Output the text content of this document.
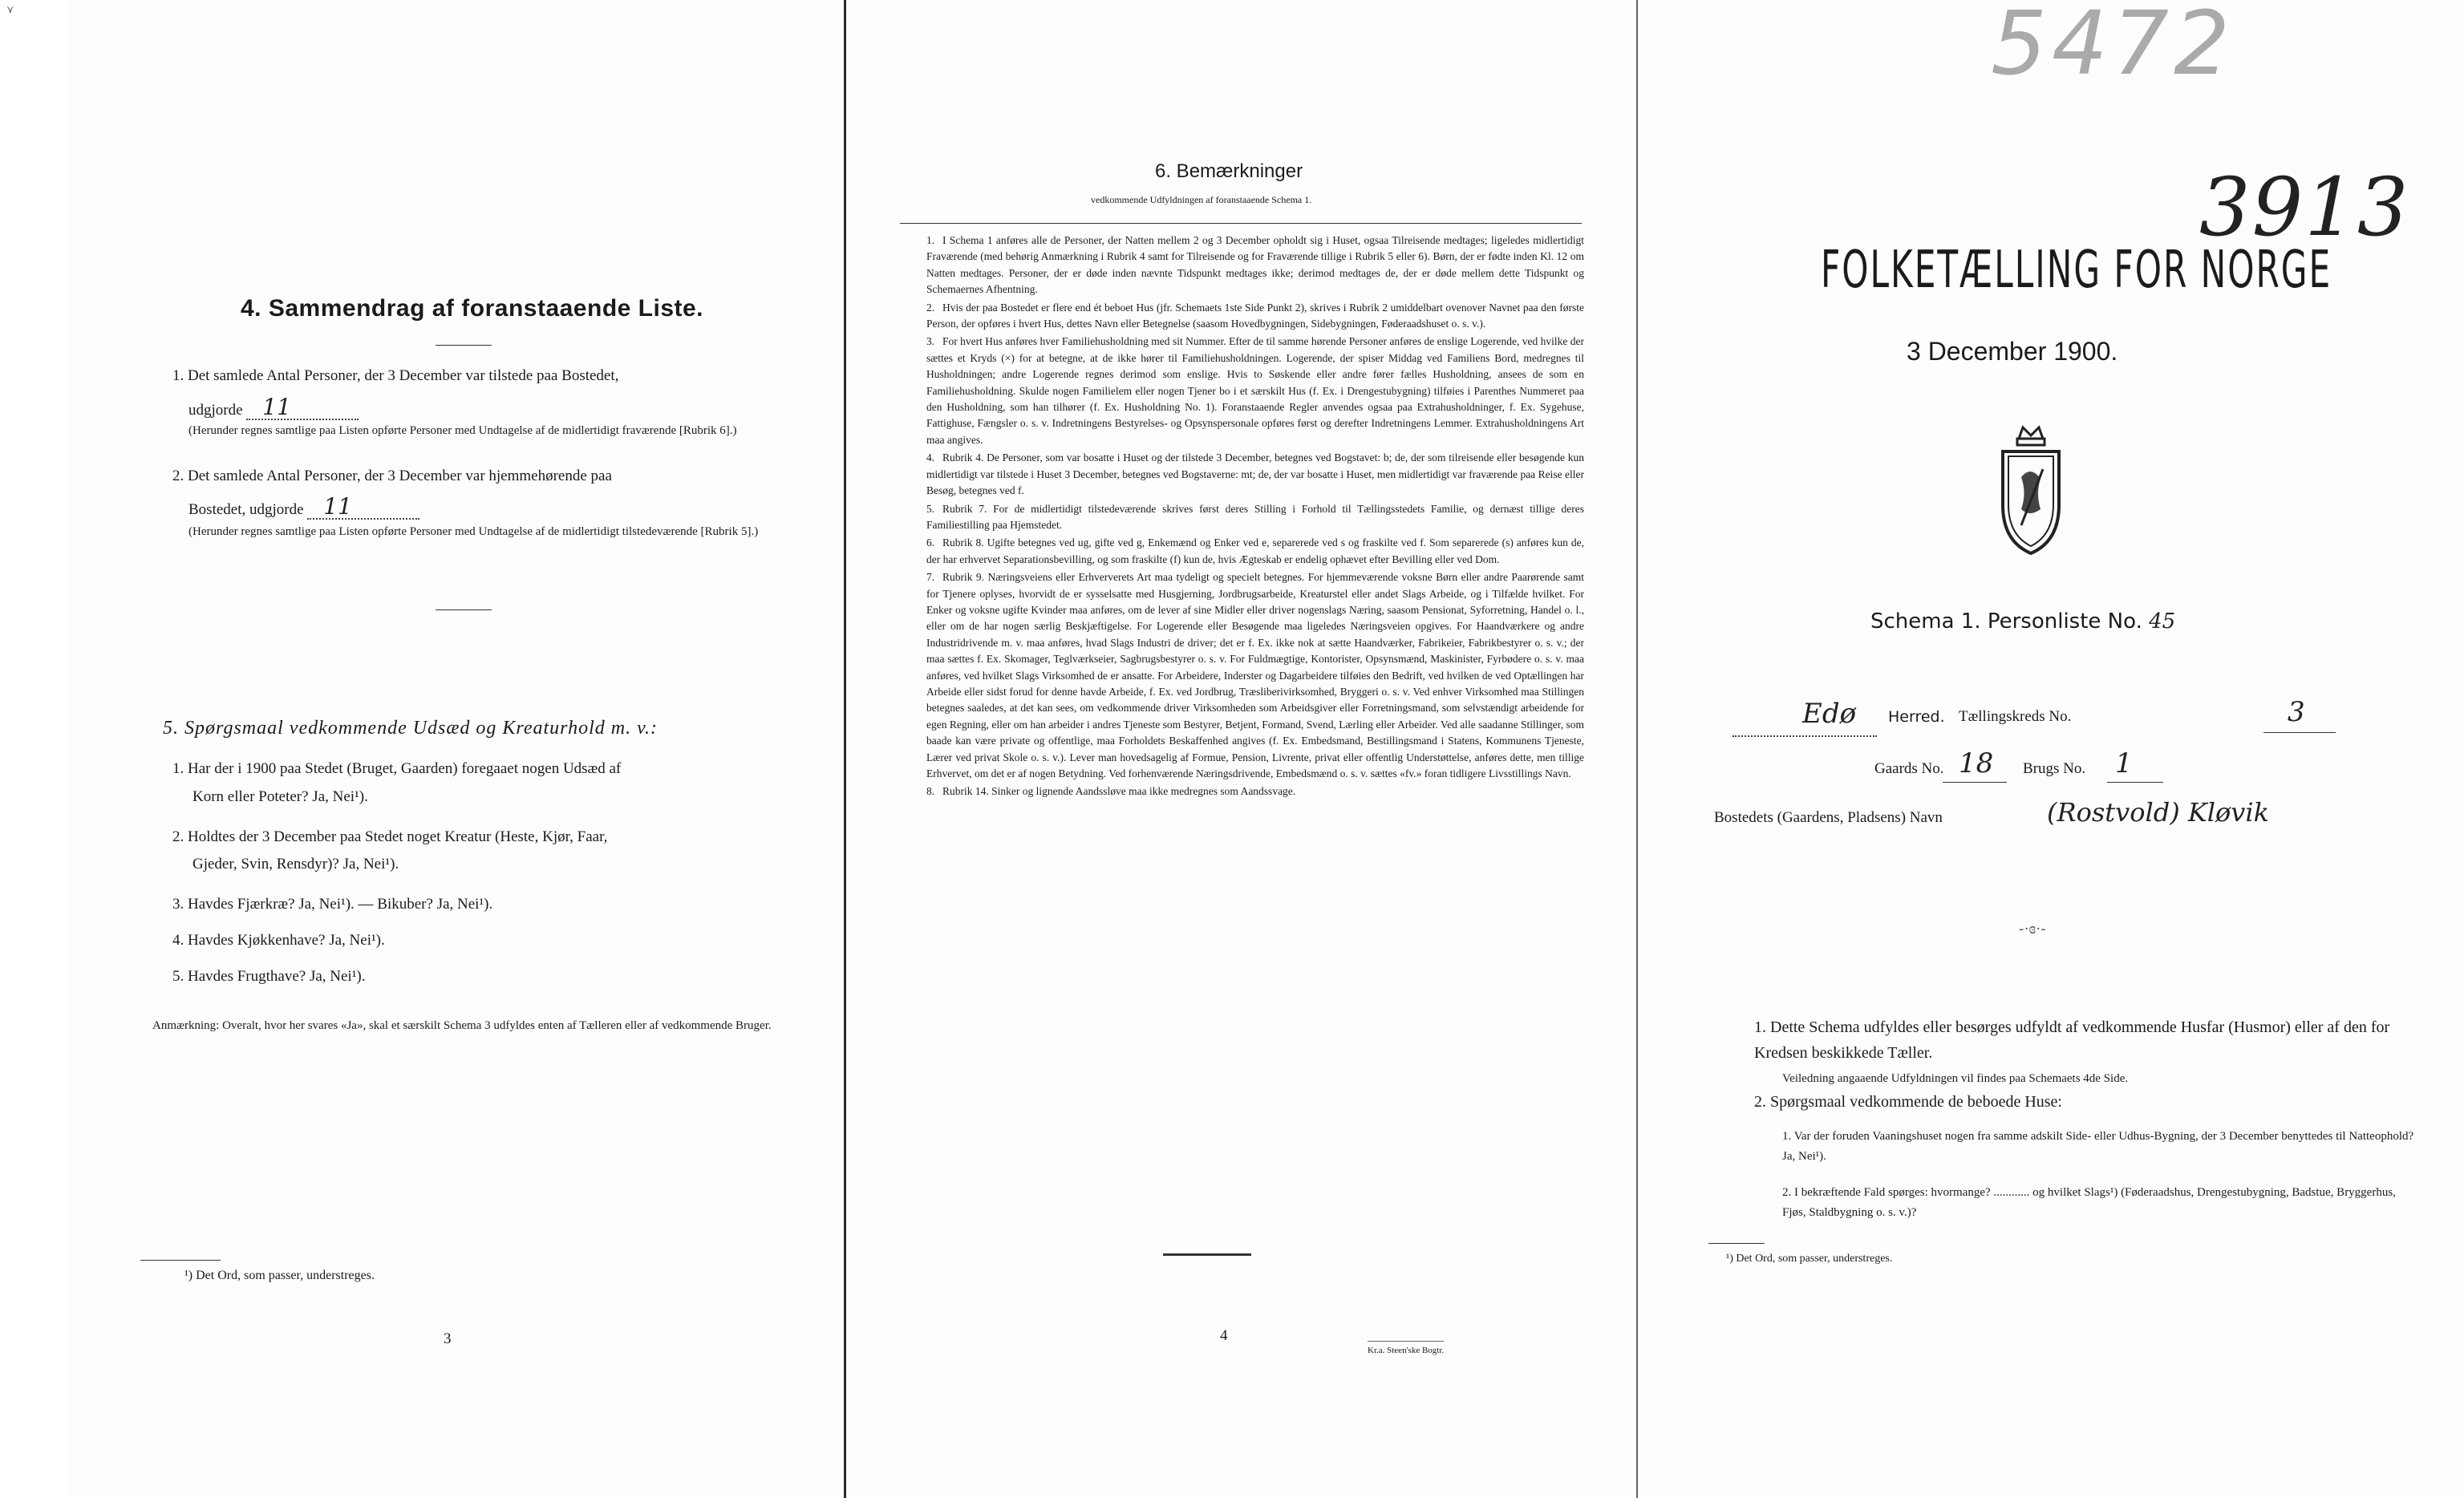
⋎
4. Sammendrag af foranstaaende Liste.
1. Det samlede Antal Personer, der 3 December var tilstede paa Bostedet,
udgjorde 11
(Herunder regnes samtlige paa Listen opførte Personer med Undtagelse af de midlertidigt fraværende [Rubrik 6].)
2. Det samlede Antal Personer, der 3 December var hjemmehørende paa
Bostedet, udgjorde 11
(Herunder regnes samtlige paa Listen opførte Personer med Undtagelse af de midlertidigt tilstedeværende [Rubrik 5].)
5. Spørgsmaal vedkommende Udsæd og Kreaturhold m. v.:
1. Har der i 1900 paa Stedet (Bruget, Gaarden) foregaaet nogen Udsæd af
Korn eller Poteter? Ja, Nei¹).
2. Holdtes der 3 December paa Stedet noget Kreatur (Heste, Kjør, Faar,
Gjeder, Svin, Rensdyr)? Ja, Nei¹).
3. Havdes Fjærkræ? Ja, Nei¹). — Bikuber? Ja, Nei¹).
4. Havdes Kjøkkenhave? Ja, Nei¹).
5. Havdes Frugthave? Ja, Nei¹).
Anmærkning: Overalt, hvor her svares «Ja», skal et særskilt Schema 3 udfyldes enten af Tælleren eller af vedkommende Bruger.
¹) Det Ord, som passer, understreges.
3
6. Bemærkninger
vedkommende Udfyldningen af foranstaaende Schema 1.

1. I Schema 1 anføres alle de Personer, der Natten mellem 2 og 3 December opholdt sig i Huset, ogsaa Tilreisende medtages; ligeledes midlertidigt Fraværende (med behørig Anmærkning i Rubrik 4 samt for Tilreisende og for Fraværende tillige i Rubrik 5 eller 6). Børn, der er fødte inden Kl. 12 om Natten medtages. Personer, der er døde inden nævnte Tidspunkt medtages ikke; derimod medtages de, der er døde mellem dette Tidspunkt og Schemaernes Afhentning.

2. Hvis der paa Bostedet er flere end ét beboet Hus (jfr. Schemaets 1ste Side Punkt 2), skrives i Rubrik 2 umiddelbart ovenover Navnet paa den første Person, der opføres i hvert Hus, dettes Navn eller Betegnelse (saasom Hovedbygningen, Sidebygningen, Føderaadshuset o. s. v.).

3. For hvert Hus anføres hver Familiehusholdning med sit Nummer. Efter de til samme hørende Personer anføres de enslige Logerende, ved hvilke der sættes et Kryds (×) for at betegne, at de ikke hører til Familiehusholdningen. Logerende, der spiser Middag ved Familiens Bord, medregnes til Husholdningen; andre Logerende regnes derimod som enslige. Hvis to Søskende eller andre fører fælles Husholdning, ansees de som en Familiehusholdning. Skulde nogen Familielem eller nogen Tjener bo i et særskilt Hus (f. Ex. i Drengestubygning) tilføies i Parenthes Nummeret paa den Husholdning, som han tilhører (f. Ex. Husholdning No. 1). Foranstaaende Regler anvendes ogsaa paa Extrahusholdninger, f. Ex. Sygehuse, Fattighuse, Fængsler o. s. v. Indretningens Bestyrelses- og Opsynspersonale opføres først og derefter Indretningens Lemmer. Extrahusholdningens Art maa angives.

4. Rubrik 4. De Personer, som var bosatte i Huset og der tilstede 3 December, betegnes ved Bogstavet: b; de, der som tilreisende eller besøgende kun midlertidigt var tilstede i Huset 3 December, betegnes ved Bogstaverne: mt; de, der var bosatte i Huset, men midlertidigt var fraværende paa Reise eller Besøg, betegnes ved f.

5. Rubrik 7. For de midlertidigt tilstedeværende skrives først deres Stilling i Forhold til Tællingsstedets Familie, og dernæst tillige deres Familiestilling paa Hjemstedet.

6. Rubrik 8. Ugifte betegnes ved ug, gifte ved g, Enkemænd og Enker ved e, separerede ved s og fraskilte ved f. Som separerede (s) anføres kun de, der har erhvervet Separationsbevilling, og som fraskilte (f) kun de, hvis Ægteskab er endelig ophævet efter Bevilling eller ved Dom.

7. Rubrik 9. Næringsveiens eller Erhververets Art maa tydeligt og specielt betegnes. For hjemmeværende voksne Børn eller andre Paarørende samt for Tjenere oplyses, hvorvidt de er sysselsatte med Husgjerning, Jordbrugsarbeide, Kreaturstel eller andet Slags Arbeide, og i Tilfælde hvilket. For Enker og voksne ugifte Kvinder maa anføres, om de lever af sine Midler eller driver nogenslags Næring, saasom Pensionat, Syforretning, Handel o. l., eller om de har nogen særlig Beskjæftigelse. For Logerende eller Besøgende maa ligeledes Næringsveien opgives. For Haandværkere og andre Industridrivende m. v. maa anføres, hvad Slags Industri de driver; det er f. Ex. ikke nok at sætte Haandværker, Fabrikeier, Fabrikbestyrer o. s. v.; der maa sættes f. Ex. Skomager, Teglværkseier, Sagbrugsbestyrer o. s. v. For Fuldmægtige, Kontorister, Opsynsmænd, Maskinister, Fyrbødere o. s. v. maa anføres, ved hvilket Slags Virksomhed de er ansatte. For Arbeidere, Inderster og Dagarbeidere tilføies den Bedrift, ved hvilken de ved Optællingen har Arbeide eller sidst forud for denne havde Arbeide, f. Ex. ved Jordbrug, Træsliberivirksomhed, Bryggeri o. s. v. Ved enhver Virksomhed maa Stillingen betegnes saaledes, at det kan sees, om vedkommende driver Virksomheden som Arbeidsgiver eller Forretningsmand, som selvstændigt arbeidende for egen Regning, eller om han arbeider i andres Tjeneste som Bestyrer, Betjent, Formand, Svend, Lærling eller Arbeider. Ved alle saadanne Stillinger, som baade kan være private og offentlige, maa Forholdets Beskaffenhed angives (f. Ex. Embedsmand, Bestillingsmand i Statens, Kommunens Tjeneste, Lærer ved privat Skole o. s. v.). Lever man hovedsagelig af Formue, Pension, Livrente, privat eller offentlig Understøttelse, anføres dette, men tillige Erhvervet, om det er af nogen Betydning. Ved forhenværende Næringsdrivende, Embedsmænd o. s. v. sættes «fv.» foran tidligere Livsstillings Navn.

8. Rubrik 14. Sinker og lignende Aandssløve maa ikke medregnes som Aandssvage.

4
Kr.a. Steen'ske Bogtr.
5472
3913
FOLKETÆLLING FOR NORGE
3 December 1900.
Schema 1. Personliste No. 45
Edø Herred. Tællingskreds No.	3
Gaards No. 18 Brugs No. 1
Bostedets (Gaardens, Pladsens) Navn	(Rostvold) Kløvik
-·ɞ·-
1. Dette Schema udfyldes eller besørges udfyldt af vedkommende Husfar (Husmor) eller af den for Kredsen beskikkede Tæller.
Veiledning angaaende Udfyldningen vil findes paa Schemaets 4de Side.
2. Spørgsmaal vedkommende de beboede Huse:
1. Var der foruden Vaaningshuset nogen fra samme adskilt Side- eller Udhus-Bygning, der 3 December benyttedes til Natteophold? Ja, Nei¹).
2. I bekræftende Fald spørges: hvormange? ............ og hvilket Slags¹) (Føderaadshus, Drengestubygning, Badstue, Bryggerhus, Fjøs, Staldbygning o. s. v.)?
¹) Det Ord, som passer, understreges.
